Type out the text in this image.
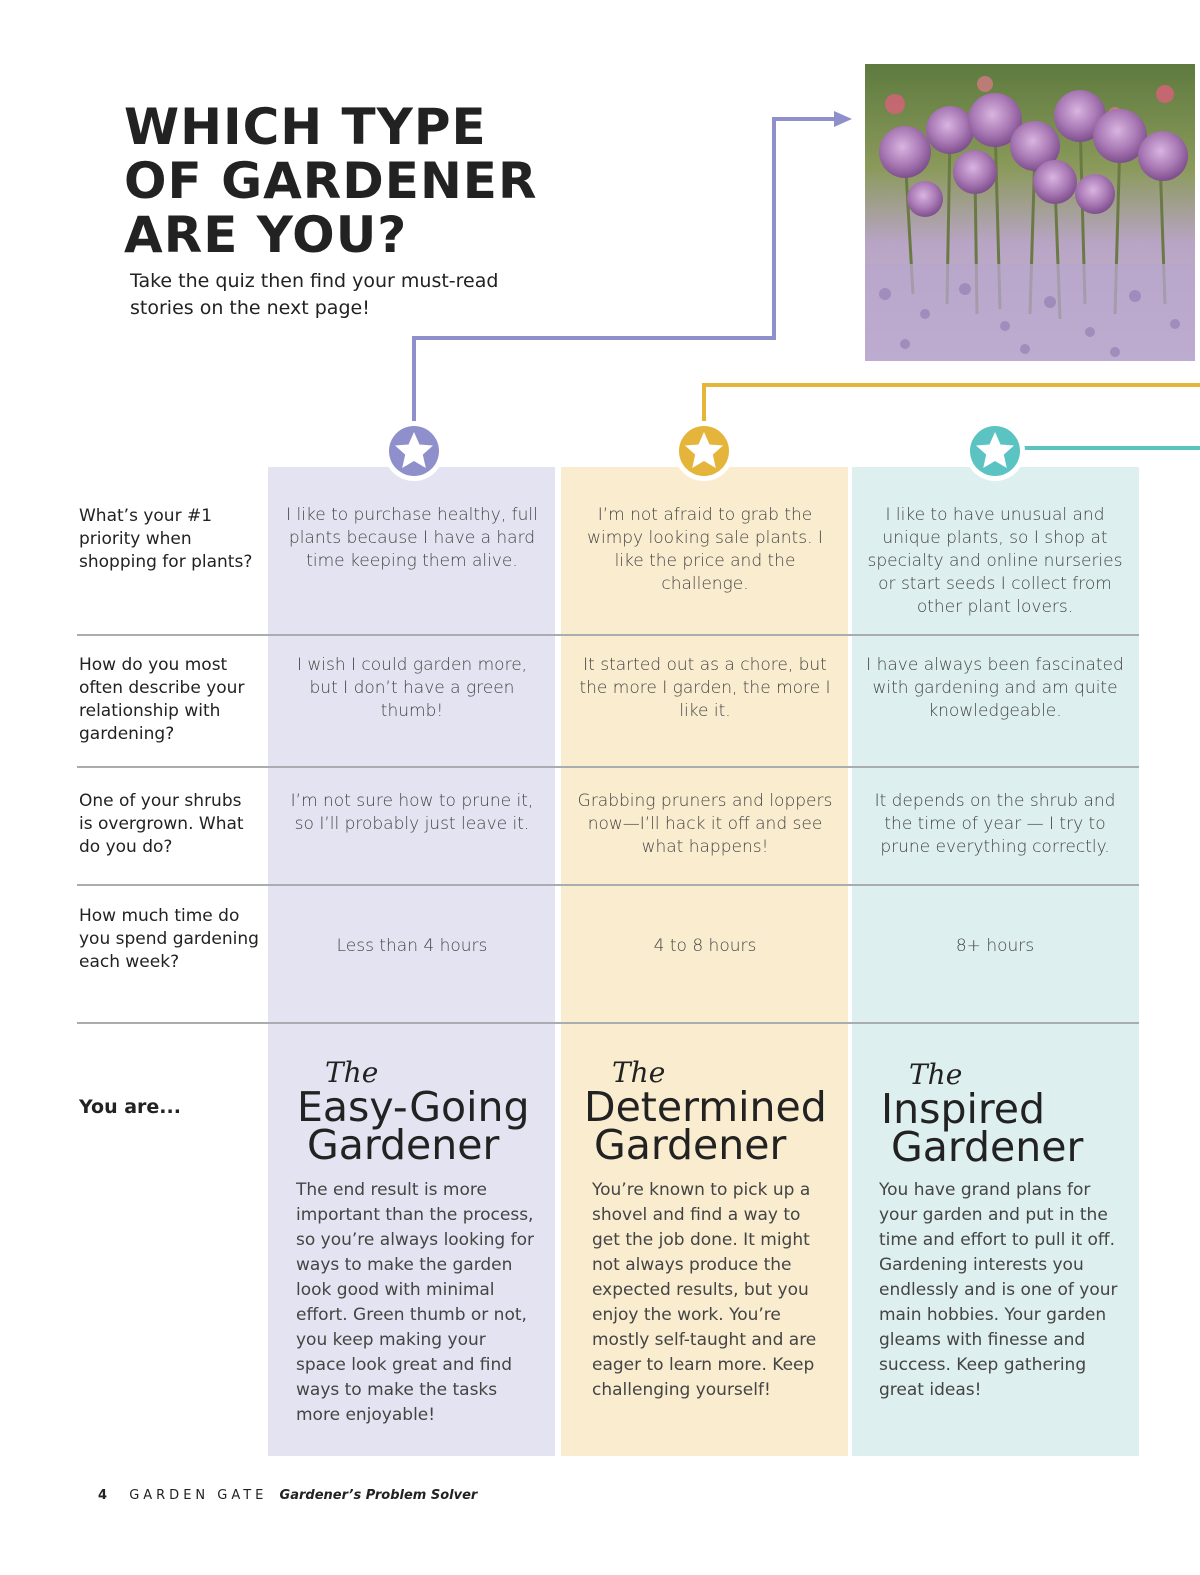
WHICH TYPE
OF GARDENER
ARE YOU?

Take the quiz then find your must-read stories on the next page!

What’s your #1 priority when shopping for plants?

How do you most often describe your relationship with gardening?

One of your shrubs is overgrown. What do you do?

How much time do you spend gardening each week?

I like to purchase healthy, full plants because I have a hard time keeping them alive.
I wish I could garden more, but I don’t have a green thumb!
I’m not sure how to prune it, so I’ll probably just leave it.
Less than 4 hours
I’m not afraid to grab the wimpy looking sale plants. I like the price and the challenge.
It started out as a chore, but the more I garden, the more I like it.
Grabbing pruners and loppers now—I’ll hack it off and see what happens!
4 to 8 hours
I like to have unusual and unique plants, so I shop at specialty and online nurseries or start seeds I collect from other plant lovers.
I have always been fascinated with gardening and am quite knowledgeable.
It depends on the shrub and the time of year — I try to prune everything correctly.
8+ hours
You are...
The
Easy-Going
Gardener
The
Determined
Gardener
The
Inspired
Gardener

The end result is more important than the process, so you’re always looking for ways to make the garden look good with minimal effort. Green thumb or not, you keep making your space look great and find ways to make the tasks more enjoyable!

You’re known to pick up a shovel and find a way to get the job done. It might not always produce the expected results, but you enjoy the work. You’re mostly self-taught and are eager to learn more. Keep challenging yourself!

You have grand plans for your garden and put in the time and effort to pull it off. Gardening interests you endlessly and is one of your main hobbies. Your garden gleams with finesse and success. Keep gathering great ideas!

4 GARDEN GATE Gardener’s Problem Solver
